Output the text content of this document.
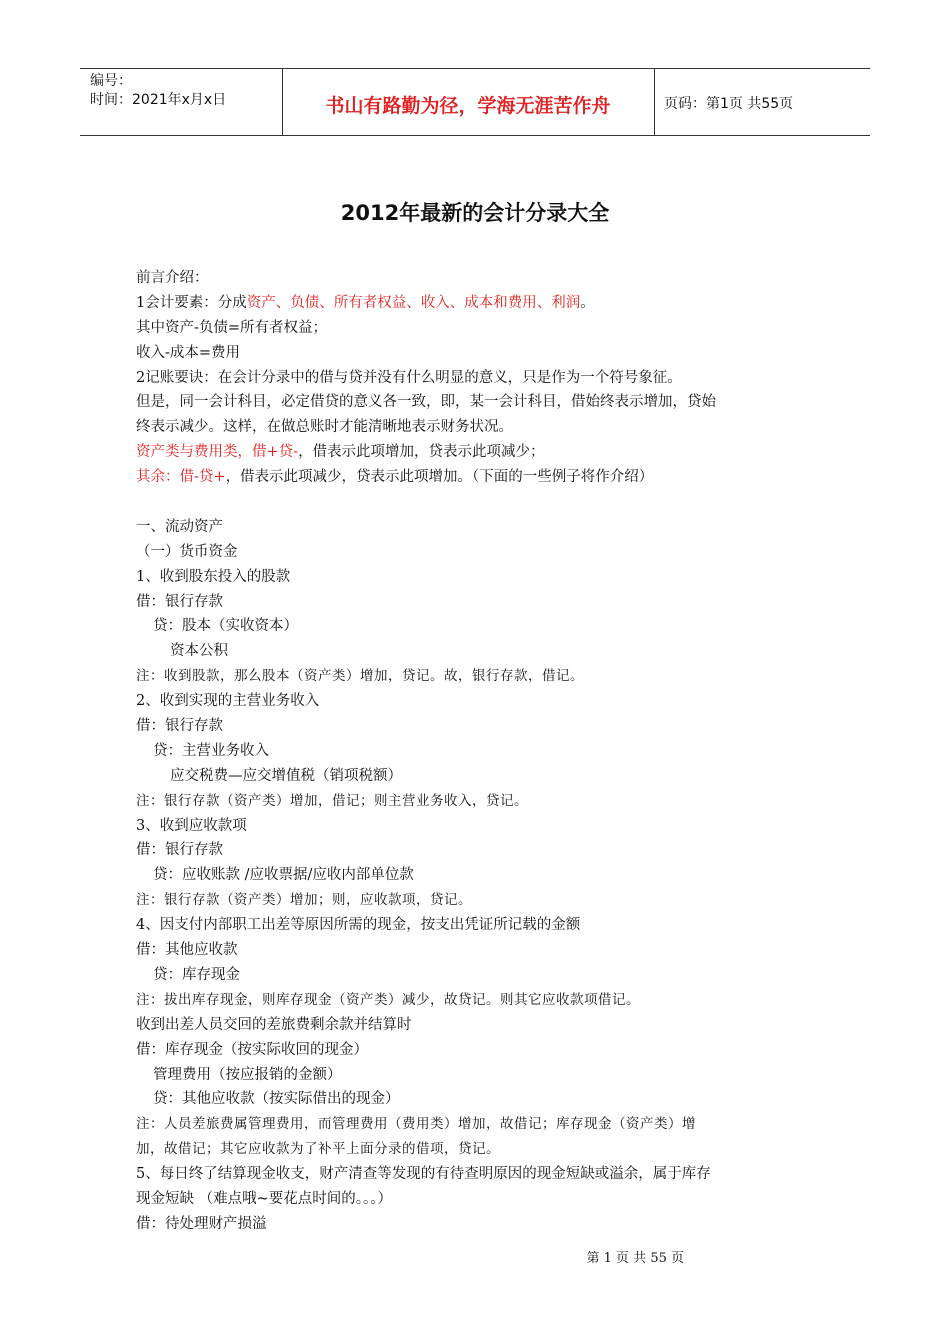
编号：
时间：2021年x月x日	书山有路勤为径，学海无涯苦作舟	页码：第1页 共55页
2012年最新的会计分录大全
前言介绍：
1会计要素：分成资产、负债、所有者权益、收入、成本和费用、利润。
其中资产-负债=所有者权益；
收入-成本=费用
2记账要诀：在会计分录中的借与贷并没有什么明显的意义，只是作为一个符号象征。
但是，同一会计科目，必定借贷的意义各一致，即，某一会计科目，借始终表示增加，贷始
终表示减少。这样，在做总账时才能清晰地表示财务状况。
资产类与费用类，借+贷-，借表示此项增加，贷表示此项减少；
其余：借-贷+，借表示此项减少，贷表示此项增加。（下面的一些例子将作介绍）
一、流动资产
（一）货币资金
1、收到股东投入的股款
借：银行存款
贷：股本（实收资本）
资本公积
注：收到股款，那么股本（资产类）增加，贷记。故，银行存款，借记。
2、收到实现的主营业务收入
借：银行存款
贷：主营业务收入
应交税费—应交增值税（销项税额）
注：银行存款（资产类）增加，借记；则主营业务收入，贷记。
3、收到应收款项
借：银行存款
贷：应收账款 /应收票据/应收内部单位款
注：银行存款（资产类）增加；则，应收款项，贷记。
4、因支付内部职工出差等原因所需的现金，按支出凭证所记载的金额
借：其他应收款
贷：库存现金
注：拔出库存现金，则库存现金（资产类）减少，故贷记。则其它应收款项借记。
收到出差人员交回的差旅费剩余款并结算时
借：库存现金（按实际收回的现金）
管理费用（按应报销的金额）
贷：其他应收款（按实际借出的现金）
注：人员差旅费属管理费用，而管理费用（费用类）增加，故借记；库存现金（资产类）增
加，故借记；其它应收款为了补平上面分录的借项，贷记。
5、每日终了结算现金收支，财产清查等发现的有待查明原因的现金短缺或溢余，属于库存
现金短缺 （难点哦~要花点时间的。。。）
借：待处理财产损溢
第 1 页 共 55 页
